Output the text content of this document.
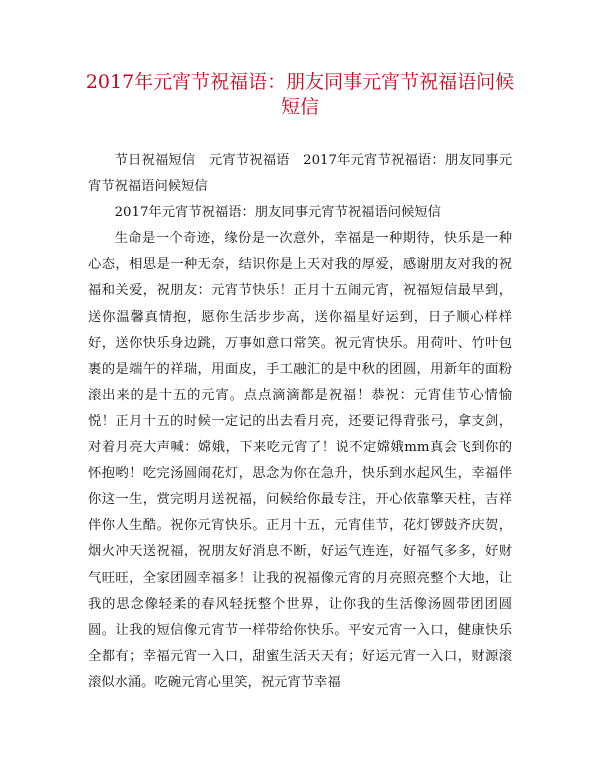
2017年元宵节祝福语：朋友同事元宵节祝福语问候短信

节日祝福短信　元宵节祝福语　2017年元宵节祝福语：朋友同事元宵节祝福语问候短信

2017年元宵节祝福语：朋友同事元宵节祝福语问候短信

生命是一个奇迹，缘份是一次意外，幸福是一种期待，快乐是一种心态，相思是一种无奈，结识你是上天对我的厚爱，感谢朋友对我的祝福和关爱，祝朋友：元宵节快乐！正月十五闹元宵，祝福短信最早到，送你温馨真情抱，愿你生活步步高，送你福星好运到，日子顺心样样好，送你快乐身边跳，万事如意口常笑。祝元宵快乐。用荷叶、竹叶包裹的是端午的祥瑞，用面皮，手工融汇的是中秋的团圆，用新年的面粉滚出来的是十五的元宵。点点滴滴都是祝福！恭祝：元宵佳节心情愉悦！正月十五的时候一定记的出去看月亮，还要记得背张弓，拿支剑，对着月亮大声喊：嫦娥，下来吃元宵了！说不定嫦娥mm真会飞到你的怀抱哟！吃完汤圆闹花灯，思念为你在急升，快乐到水起风生，幸福伴你这一生，赏完明月送祝福，问候给你最专注，开心依靠擎天柱，吉祥伴你人生酷。祝你元宵快乐。正月十五，元宵佳节，花灯锣鼓齐庆贺，烟火冲天送祝福，祝朋友好消息不断，好运气连连，好福气多多，好财气旺旺，全家团圆幸福多！让我的祝福像元宵的月亮照亮整个大地，让我的思念像轻柔的春风轻抚整个世界，让你我的生活像汤圆带团团圆圆。让我的短信像元宵节一样带给你快乐。平安元宵一入口，健康快乐全都有；幸福元宵一入口，甜蜜生活天天有；好运元宵一入口，财源滚滚似水涌。吃碗元宵心里笑，祝元宵节幸福
